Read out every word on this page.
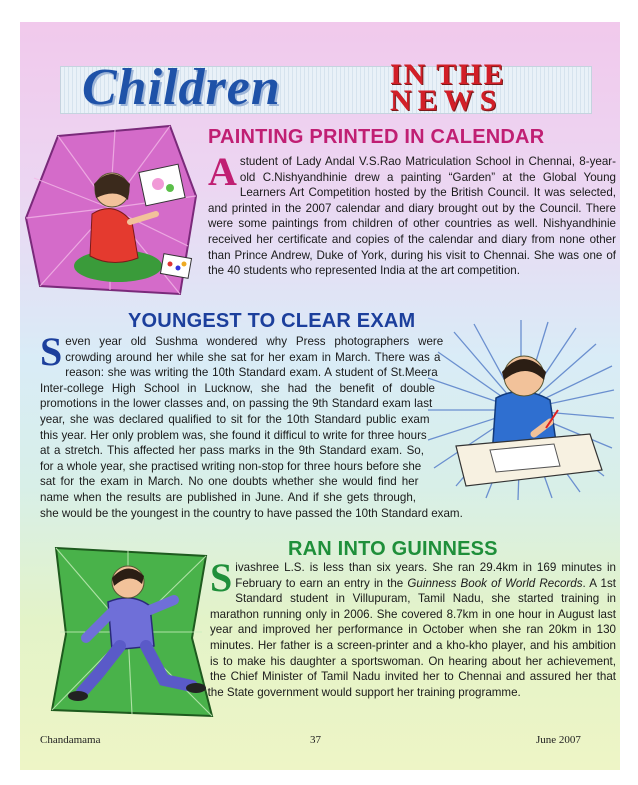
Children	IN THE
NEWS
PAINTING PRINTED IN CALENDAR
Astudent of Lady Andal V.S.Rao Matriculation School in Chennai, 8-year-old C.Nishyandhinie drew a painting “Garden” at the Global Young Learners Art Competition hosted by the British Council. It was selected, and printed in the 2007 calendar and diary brought out by the Council. There were some paintings from children of other countries as well. Nishyandhinie received her certificate and copies of the calendar and diary from none other than Prince Andrew, Duke of York, during his visit to Chennai. She was one of the 40 students who represented India at the art competition.
YOUNGEST TO CLEAR EXAM
Seven year old Sushma wondered why Press photographers were crowding around her while she sat for her exam in March. There was a reason: she was writing the 10th Standard exam. A student of St.Meera Inter-college High School in Lucknow, she had the benefit of double promotions in the lower classes and, on passing the 9th Standard exam last year, she was declared qualified to sit for the 10th Standard public exam this year. Her only problem was, she found it difficul to write for three hours at a stretch. This affected her pass marks in the 9th Standard exam. So, for a whole year, she practised writing non-stop for three hours before she sat for the exam in March. No one doubts whether she would find her name when the results are published in June. And if she gets through, she would be the youngest in the country to have passed the 10th Standard exam.
RAN INTO GUINNESS
Sivashree L.S. is less than six years. She ran 29.4km in 169 minutes in February to earn an entry in the Guinness Book of World Records. A 1st Standard student in Villupuram, Tamil Nadu, she started training in marathon running only in 2006. She covered 8.7km in one hour in August last year and improved her performance in October when she ran 20km in 130 minutes. Her father is a screen-printer and a kho-kho player, and his ambition is to make his daughter a sportswoman. On hearing about her achievement, the Chief Minister of Tamil Nadu invited her to Chennai and assured her that the State government would support her training programme.
Chandamama	37	June 2007
